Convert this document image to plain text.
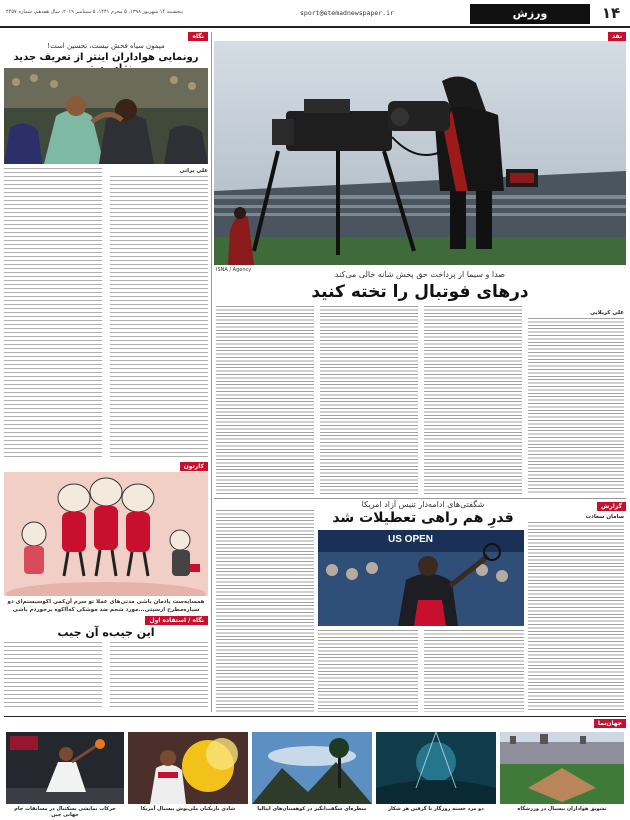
۱۴
ورزش
sport@etemadnewspaper.ir
پنجشنبه ۱۴ شهریور ۱۳۹۸، ۵ محرم ۱۴۴۱، ۵ سپتامبر ۲۰۱۹، سال هفدهم، شماره ۴۴۵۷
نگاه
میمون سیاه فحش نیست، تحسین است!
رونمایی هواداران اینتر از تعریف جدید
علی براتی
کارتون
همسایه‌ست یادمان باشی مدتی‌های عملا تو سرم آن‌کمی اکوسیستم‌ای دو سیاره‌مطرح ارسیتی...مورد شحم ضد موشکی که‌آاکوه برخوردم باشی
نگاه / استفاده اول
این جیب‌ه آن جیب
نقد
ISNA / Agency	صدا و سیما از پرداخت حق پخش شانه خالی می‌کند
درهای فوتبال را تخته کنید
علی کربلایی
گزارش
سامان سعادت
شگفتی‌های ادامه‌دار تنیس آزاد امریکا
قدرِ هم راهی تعطیلات شد
US OPEN
جهان‌نما
تشویق هواداران بیسبال در ورزشگاه
دو مرد خسته روزگار با گرفتن هر شکار
منظره‌ای شگفت‌انگیز در کوهستان‌های ایتالیا
شادی بازیکنان ملی‌پوش بیسبال آمریکا
حرکات نمایشی بسکتبال در مسابقات جام جهانی چین
